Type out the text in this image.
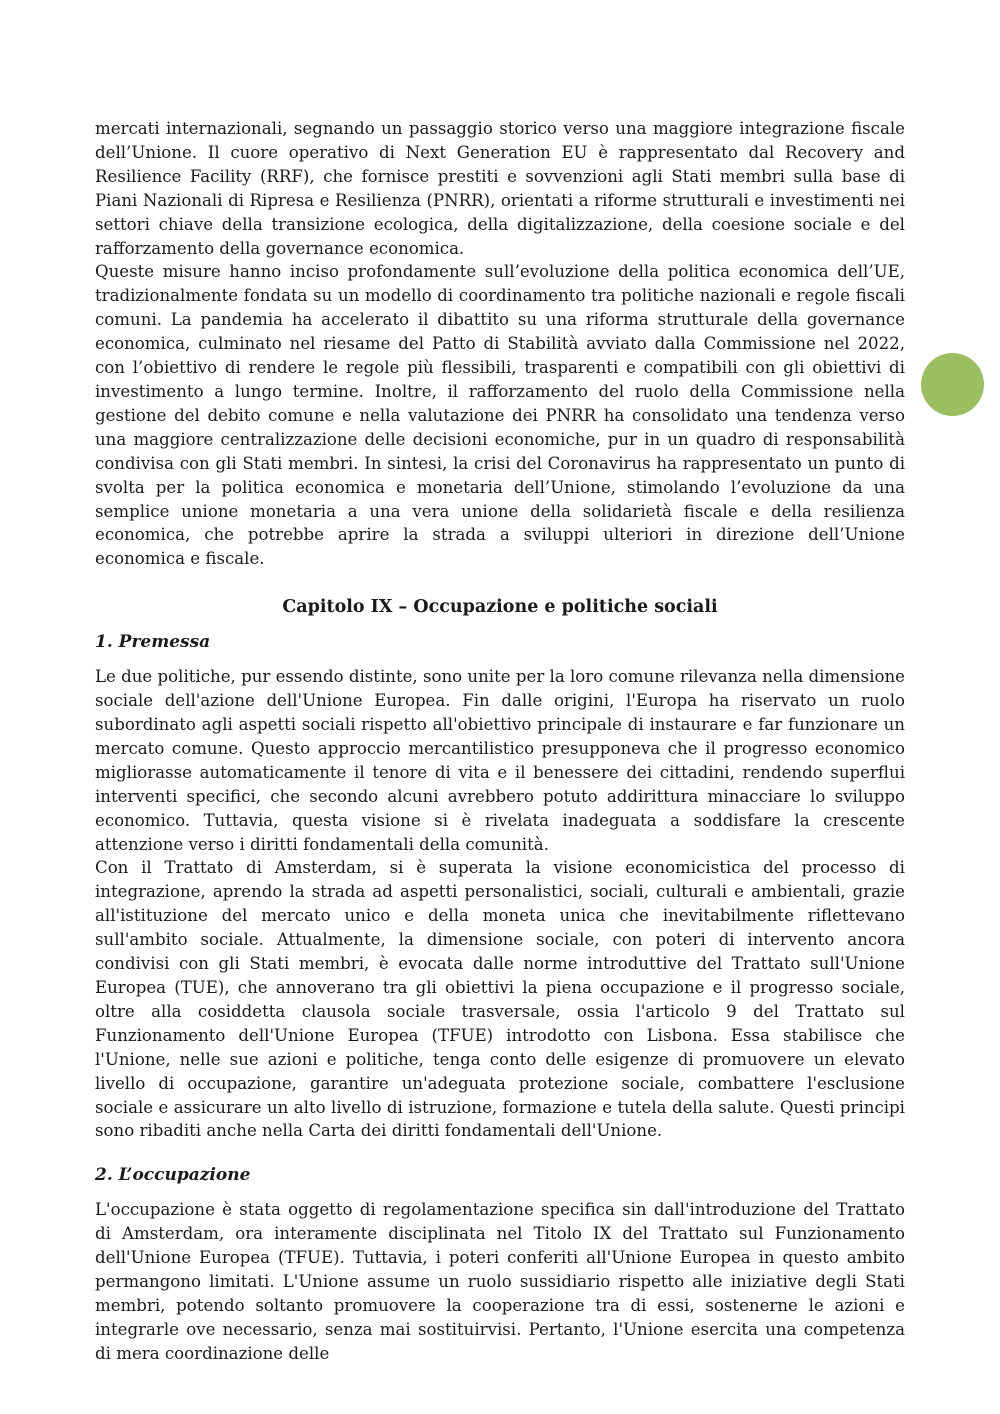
mercati internazionali, segnando un passaggio storico verso una maggiore integrazione fiscale dell’Unione. Il cuore operativo di Next Generation EU è rappresentato dal Recovery and Resilience Facility (RRF), che fornisce prestiti e sovvenzioni agli Stati membri sulla base di Piani Nazionali di Ripresa e Resilienza (PNRR), orientati a riforme strutturali e investimenti nei settori chiave della transizione ecologica, della digitalizzazione, della coesione sociale e del rafforzamento della governance economica.

Queste misure hanno inciso profondamente sull’evoluzione della politica economica dell’UE, tradizionalmente fondata su un modello di coordinamento tra politiche nazionali e regole fiscali comuni. La pandemia ha accelerato il dibattito su una riforma strutturale della governance economica, culminato nel riesame del Patto di Stabilità avviato dalla Commissione nel 2022, con l’obiettivo di rendere le regole più flessibili, trasparenti e compatibili con gli obiettivi di investimento a lungo termine. Inoltre, il rafforzamento del ruolo della Commissione nella gestione del debito comune e nella valutazione dei PNRR ha consolidato una tendenza verso una maggiore centralizzazione delle decisioni economiche, pur in un quadro di responsabilità condivisa con gli Stati membri. In sintesi, la crisi del Coronavirus ha rappresentato un punto di svolta per la politica economica e monetaria dell’Unione, stimolando l’evoluzione da una semplice unione monetaria a una vera unione della solidarietà fiscale e della resilienza economica, che potrebbe aprire la strada a sviluppi ulteriori in direzione dell’Unione economica e fiscale.

Capitolo IX – Occupazione e politiche sociali
1. Premessa

Le due politiche, pur essendo distinte, sono unite per la loro comune rilevanza nella dimensione sociale dell'azione dell'Unione Europea. Fin dalle origini, l'Europa ha riservato un ruolo subordinato agli aspetti sociali rispetto all'obiettivo principale di instaurare e far funzionare un mercato comune. Questo approccio mercantilistico presupponeva che il progresso economico migliorasse automaticamente il tenore di vita e il benessere dei cittadini, rendendo superflui interventi specifici, che secondo alcuni avrebbero potuto addirittura minacciare lo sviluppo economico. Tuttavia, questa visione si è rivelata inadeguata a soddisfare la crescente attenzione verso i diritti fondamentali della comunità.

Con il Trattato di Amsterdam, si è superata la visione economicistica del processo di integrazione, aprendo la strada ad aspetti personalistici, sociali, culturali e ambientali, grazie all'istituzione del mercato unico e della moneta unica che inevitabilmente riflettevano sull'ambito sociale. Attualmente, la dimensione sociale, con poteri di intervento ancora condivisi con gli Stati membri, è evocata dalle norme introduttive del Trattato sull'Unione Europea (TUE), che annoverano tra gli obiettivi la piena occupazione e il progresso sociale, oltre alla cosiddetta clausola sociale trasversale, ossia l'articolo 9 del Trattato sul Funzionamento dell'Unione Europea (TFUE) introdotto con Lisbona. Essa stabilisce che l'Unione, nelle sue azioni e politiche, tenga conto delle esigenze di promuovere un elevato livello di occupazione, garantire un'adeguata protezione sociale, combattere l'esclusione sociale e assicurare un alto livello di istruzione, formazione e tutela della salute. Questi principi sono ribaditi anche nella Carta dei diritti fondamentali dell'Unione.

2. L’occupazione

L'occupazione è stata oggetto di regolamentazione specifica sin dall'introduzione del Trattato di Amsterdam, ora interamente disciplinata nel Titolo IX del Trattato sul Funzionamento dell'Unione Europea (TFUE). Tuttavia, i poteri conferiti all'Unione Europea in questo ambito permangono limitati. L'Unione assume un ruolo sussidiario rispetto alle iniziative degli Stati membri, potendo soltanto promuovere la cooperazione tra di essi, sostenerne le azioni e integrarle ove necessario, senza mai sostituirvisi. Pertanto, l'Unione esercita una competenza di mera coordinazione delle
